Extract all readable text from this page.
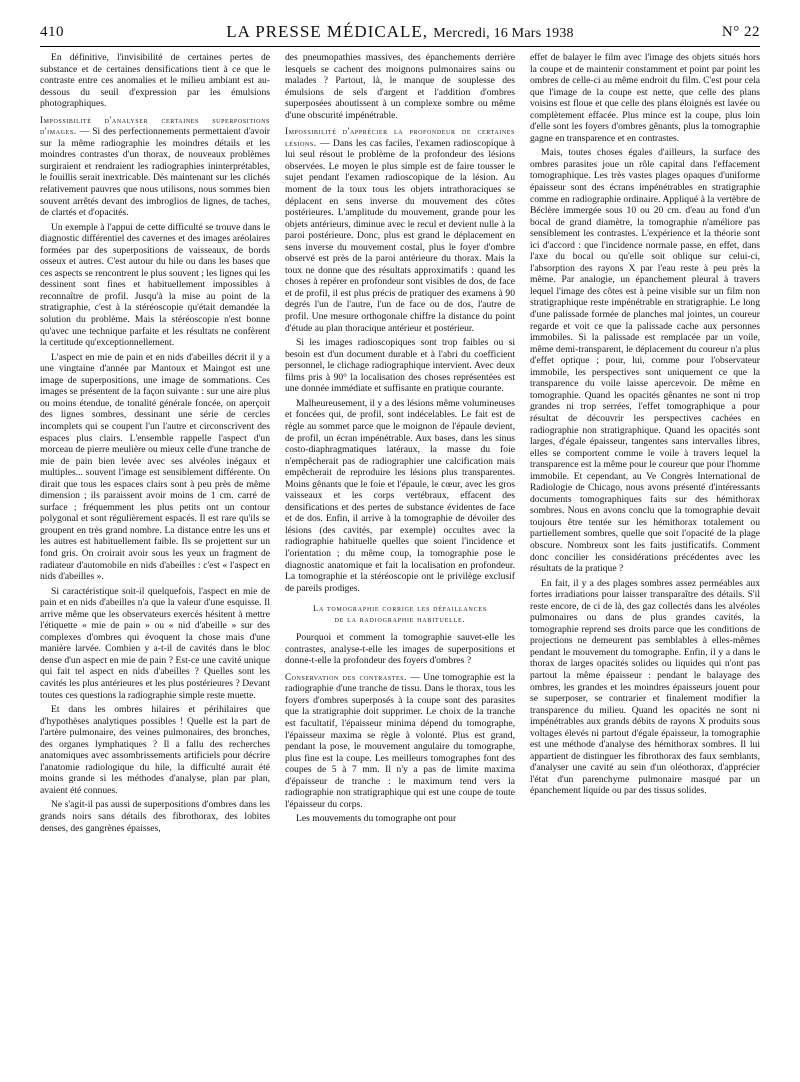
410	LA PRESSE MÉDICALE, Mercredi, 16 Mars 1938	N° 22

En définitive, l'invisibilité de certaines pertes de substance et de certaines densifications tient à ce que le contraste entre ces anomalies et le milieu ambiant est au-dessous du seuil d'expression par les émulsions photographiques.

Impossibilité d'analyser certaines superpositions d'images. — Si des perfectionnements permettaient d'avoir sur la même radiographie les moindres détails et les moindres contrastes d'un thorax, de nouveaux problèmes surgiraient et rendraient les radiographies ininterprétables, le fouillis serait inextricable. Dès maintenant sur les clichés relativement pauvres que nous utilisons, nous sommes bien souvent arrêtés devant des imbroglios de lignes, de taches, de clartés et d'opacités.

Un exemple à l'appui de cette difficulté se trouve dans le diagnostic différentiel des cavernes et des images aréolaires formées par des superpositions de vaisseaux, de bords osseux et autres. C'est autour du hile ou dans les bases que ces aspects se rencontrent le plus souvent ; les lignes qui les dessinent sont fines et habituellement impossibles à reconnaître de profil. Jusqu'à la mise au point de la stratigraphie, c'est à la stéréoscopie qu'était demandée la solution du problème. Mais la stéréoscopie n'est bonne qu'avec une technique parfaite et les résultats ne confèrent la certitude qu'exceptionnellement.

L'aspect en mie de pain et en nids d'abeilles décrit il y a une vingtaine d'année par Mantoux et Maingot est une image de superpositions, une image de sommations. Ces images se présentent de la façon suivante : sur une aire plus ou moins étendue, de tonalité générale foncée, on aperçoit des lignes sombres, dessinant une série de cercles incomplets qui se coupent l'un l'autre et circonscrivent des espaces plus clairs. L'ensemble rappelle l'aspect d'un morceau de pierre meulière ou mieux celle d'une tranche de mie de pain bien levée avec ses alvéoles inégaux et multiples... souvent l'image est sensiblement différente. On dirait que tous les espaces clairs sont à peu près de même dimension ; ils paraissent avoir moins de 1 cm. carré de surface ; fréquemment les plus petits ont un contour polygonal et sont régulièrement espacés. Il est rare qu'ils se groupent en très grand nombre. La distance entre les uns et les autres est habituellement faible. Ils se projettent sur un fond gris. On croirait avoir sous les yeux un fragment de radiateur d'automobile en nids d'abeilles : c'est « l'aspect en nids d'abeilles ».

Si caractéristique soit-il quelquefois, l'aspect en mie de pain et en nids d'abeilles n'a que la valeur d'une esquisse. Il arrive même que les observateurs exercés hésitent à mettre l'étiquette « mie de pain » ou « nid d'abeille » sur des complexes d'ombres qui évoquent la chose mais d'une manière larvée. Combien y a-t-il de cavités dans le bloc dense d'un aspect en mie de pain ? Est-ce une cavité unique qui fait tel aspect en nids d'abeilles ? Quelles sont les cavités les plus antérieures et les plus postérieures ? Devant toutes ces questions la radiographie simple reste muette.

Et dans les ombres hilaires et périhilaires que d'hypothèses analytiques possibles ! Quelle est la part de l'artère pulmonaire, des veines pulmonaires, des bronches, des organes lymphatiques ? Il a fallu des recherches anatomiques avec assombrissements artificiels pour décrire l'anatomie radiologique du hile, la difficulté aurait été moins grande si les méthodes d'analyse, plan par plan, avaient été connues.

Ne s'agit-il pas aussi de superpositions d'ombres dans les grands noirs sans détails des fibrothorax, des lobites denses, des gangrènes épaisses,

des pneumopathies massives, des épanchements derrière lesquels se cachent des moignons pulmonaires sains ou malades ? Partout, là, le manque de souplesse des émulsions de sels d'argent et l'addition d'ombres superposées aboutissent à un complexe sombre ou même d'une obscurité impénétrable.

Impossibilité d'apprécier la profondeur de certaines lésions. — Dans les cas faciles, l'examen radioscopique à lui seul résout le problème de la profondeur des lésions observées. Le moyen le plus simple est de faire tousser le sujet pendant l'examen radioscopique de la lésion. Au moment de la toux tous les objets intrathoraciques se déplacent en sens inverse du mouvement des côtes postérieures. L'amplitude du mouvement, grande pour les objets antérieurs, diminue avec le recul et devient nulle à la paroi postérieure. Donc, plus est grand le déplacement en sens inverse du mouvement costal, plus le foyer d'ombre observé est près de la paroi antérieure du thorax. Mais la toux ne donne que des résultats approximatifs : quand les choses à repérer en profondeur sont visibles de dos, de face et de profil, il est plus précis de pratiquer des examens à 90 degrés l'un de l'autre, l'un de face ou de dos, l'autre de profil. Une mesure orthogonale chiffre la distance du point d'étude au plan thoracique antérieur et postérieur.

Si les images radioscopiques sont trop faibles ou si besoin est d'un document durable et à l'abri du coefficient personnel, le clichage radiographique intervient. Avec deux films pris à 90° la localisation des choses représentées est une donnée immédiate et suffisante en pratique courante.

Malheureusement, il y a des lésions même volumineuses et foncées qui, de profil, sont indécelables. Le fait est de règle au sommet parce que le moignon de l'épaule devient, de profil, un écran impénétrable. Aux bases, dans les sinus costo-diaphragmatiques latéraux, la masse du foie n'empêcherait pas de radiographier une calcification mais empêcherait de reproduire les lésions plus transparentes. Moins gênants que le foie et l'épaule, le cœur, avec les gros vaisseaux et les corps vertébraux, effacent des densifications et des pertes de substance évidentes de face et de dos. Enfin, il arrive à la tomographie de dévoiler des lésions (des cavités, par exemple) occultes avec la radiographie habituelle quelles que soient l'incidence et l'orientation ; du même coup, la tomographie pose le diagnostic anatomique et fait la localisation en profondeur. La tomographie et la stéréoscopie ont le privilège exclusif de pareils prodiges.

La tomographie corrige les défaillances
de la radiographie habituelle.

Pourquoi et comment la tomographie sauvet-elle les contrastes, analyse-t-elle les images de superpositions et donne-t-elle la profondeur des foyers d'ombres ?

Conservation des contrastes. — Une tomographie est la radiographie d'une tranche de tissu. Dans le thorax, tous les foyers d'ombres superposés à la coupe sont des parasites que la stratigraphie doit supprimer. Le choix de la tranche est facultatif, l'épaisseur minima dépend du tomographe, l'épaisseur maxima se règle à volonté. Plus est grand, pendant la pose, le mouvement angulaire du tomographe, plus fine est la coupe. Les meilleurs tomographes font des coupes de 5 à 7 mm. Il n'y a pas de limite maxima d'épaisseur de tranche : le maximum tend vers la radiographie non stratigraphique qui est une coupe de toute l'épaisseur du corps.

Les mouvements du tomographe ont pour

effet de balayer le film avec l'image des objets situés hors la coupe et de maintenir constamment et point par point les ombres de celle-ci au même endroit du film. C'est pour cela que l'image de la coupe est nette, que celle des plans voisins est floue et que celle des plans éloignés est lavée ou complètement effacée. Plus mince est la coupe, plus loin d'elle sont les foyers d'ombres gênants, plus la tomographie gagne en transparence et en contrastes.

Mais, toutes choses égales d'ailleurs, la surface des ombres parasites joue un rôle capital dans l'effacement tomographique. Les très vastes plages opaques d'uniforme épaisseur sont des écrans impénétrables en stratigraphie comme en radiographie ordinaire. Appliqué à la vertèbre de Béclère immergée sous 10 ou 20 cm. d'eau au fond d'un bocal de grand diamètre, la tomographie n'améliore pas sensiblement les contrastes. L'expérience et la théorie sont ici d'accord : que l'incidence normale passe, en effet, dans l'axe du bocal ou qu'elle soit oblique sur celui-ci, l'absorption des rayons X par l'eau reste à peu près la même. Par analogie, un épanchement pleural à travers lequel l'image des côtes est à peine visible sur un film non stratigraphique reste impénétrable en stratigraphie. Le long d'une palissade formée de planches mal jointes, un coureur regarde et voit ce que la palissade cache aux personnes immobiles. Si la palissade est remplacée par un voile, même demi-transparent, le déplacement du coureur n'a plus d'effet optique ; pour, lui, comme pour l'observateur immobile, les perspectives sont uniquement ce que la transparence du voile laisse apercevoir. De même en tomographie. Quand les opacités gênantes ne sont ni trop grandes ni trop serrées, l'effet tomographique a pour résultat de découvrir les perspectives cachées en radiographie non stratigraphique. Quand les opacités sont larges, d'égale épaisseur, tangentes sans intervalles libres, elles se comportent comme le voile à travers lequel la transparence est la même pour le coureur que pour l'homme immobile. Et cependant, au Ve Congrès International de Radiologie de Chicago, nous avons présenté d'intéressants documents tomographiques faits sur des hémithorax sombres. Nous en avons conclu que la tomographie devait toujours être tentée sur les hémithorax totalement ou partiellement sombres, quelle que soit l'opacité de la plage obscure. Nombreux sont les faits justificatifs. Comment donc concilier les considérations précédentes avec les résultats de la pratique ?

En fait, il y a des plages sombres assez perméables aux fortes irradiations pour laisser transparaître des détails. S'il reste encore, de ci de là, des gaz collectés dans les alvéoles pulmonaires ou dans de plus grandes cavités, la tomographie reprend ses droits parce que les conditions de projections ne demeurent pas semblables à elles-mêmes pendant le mouvement du tomographe. Enfin, il y a dans le thorax de larges opacités solides ou liquides qui n'ont pas partout la même épaisseur : pendant le balayage des ombres, les grandes et les moindres épaisseurs jouent pour se superposer, se contrarier et finalement modifier la transparence du milieu. Quand les opacités ne sont ni impénétrables aux grands débits de rayons X produits sous voltages élevés ni partout d'égale épaisseur, la tomographie est une méthode d'analyse des hémithorax sombres. Il lui appartient de distinguer les fibrothorax des faux semblants, d'analyser une cavité au sein d'un oléothorax, d'apprécier l'état d'un parenchyme pulmonaire masqué par un épanchement liquide ou par des tissus solides.
